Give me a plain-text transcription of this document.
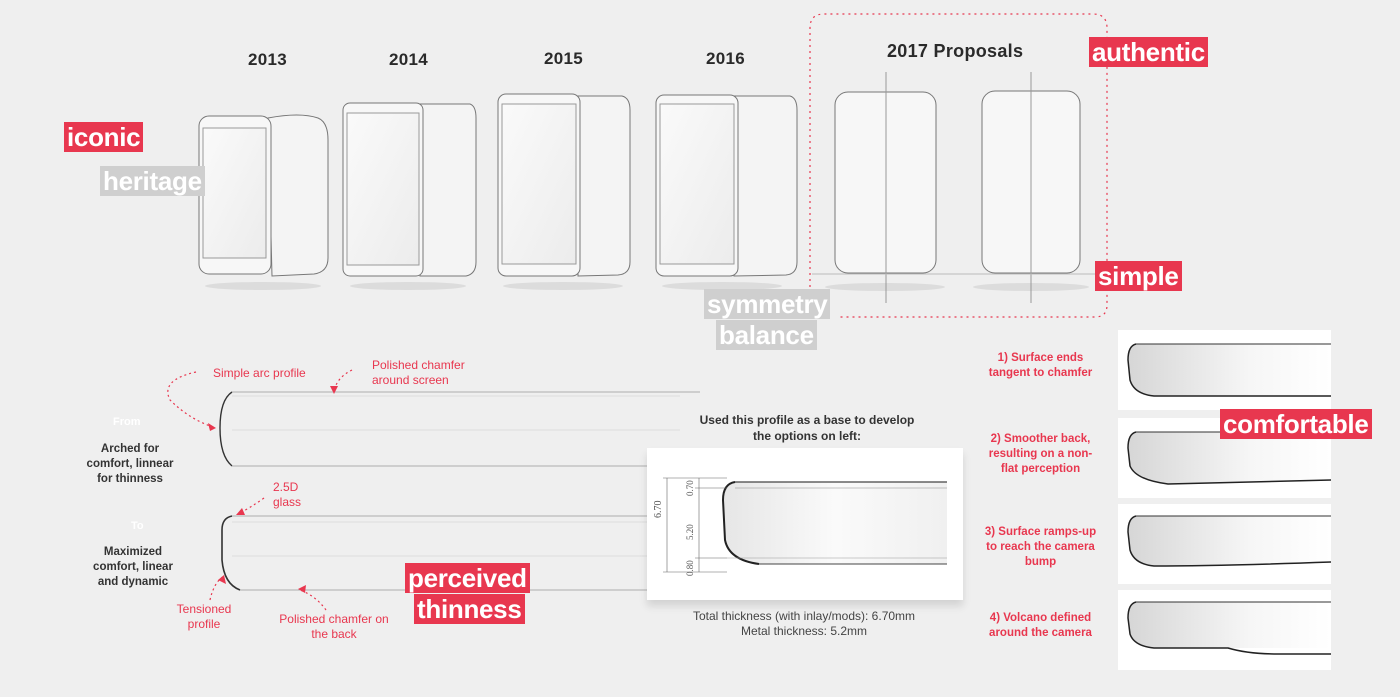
2013	2014	2015	2016	2017 Proposals
iconic
heritage
authentic
simple
symmetry
balance
Simple arc profile
Polished chamfer around screen
2.5D glass
Tensioned profile	Polished chamfer on the back
From
Arched for comfort, linnear for thinness
To
Maximized comfort, linear and dynamic	perceived
thinness
Used this profile as a base to develop the options on left:
6.70
0.70
5.20
0.80
Total thickness (with inlay/mods): 6.70mm
Metal thickness: 5.2mm
1) Surface ends tangent to chamfer
2) Smoother back, resulting on a non-flat perception
3) Surface ramps-up to reach the camera bump
4) Volcano defined around the camera
comfortable
